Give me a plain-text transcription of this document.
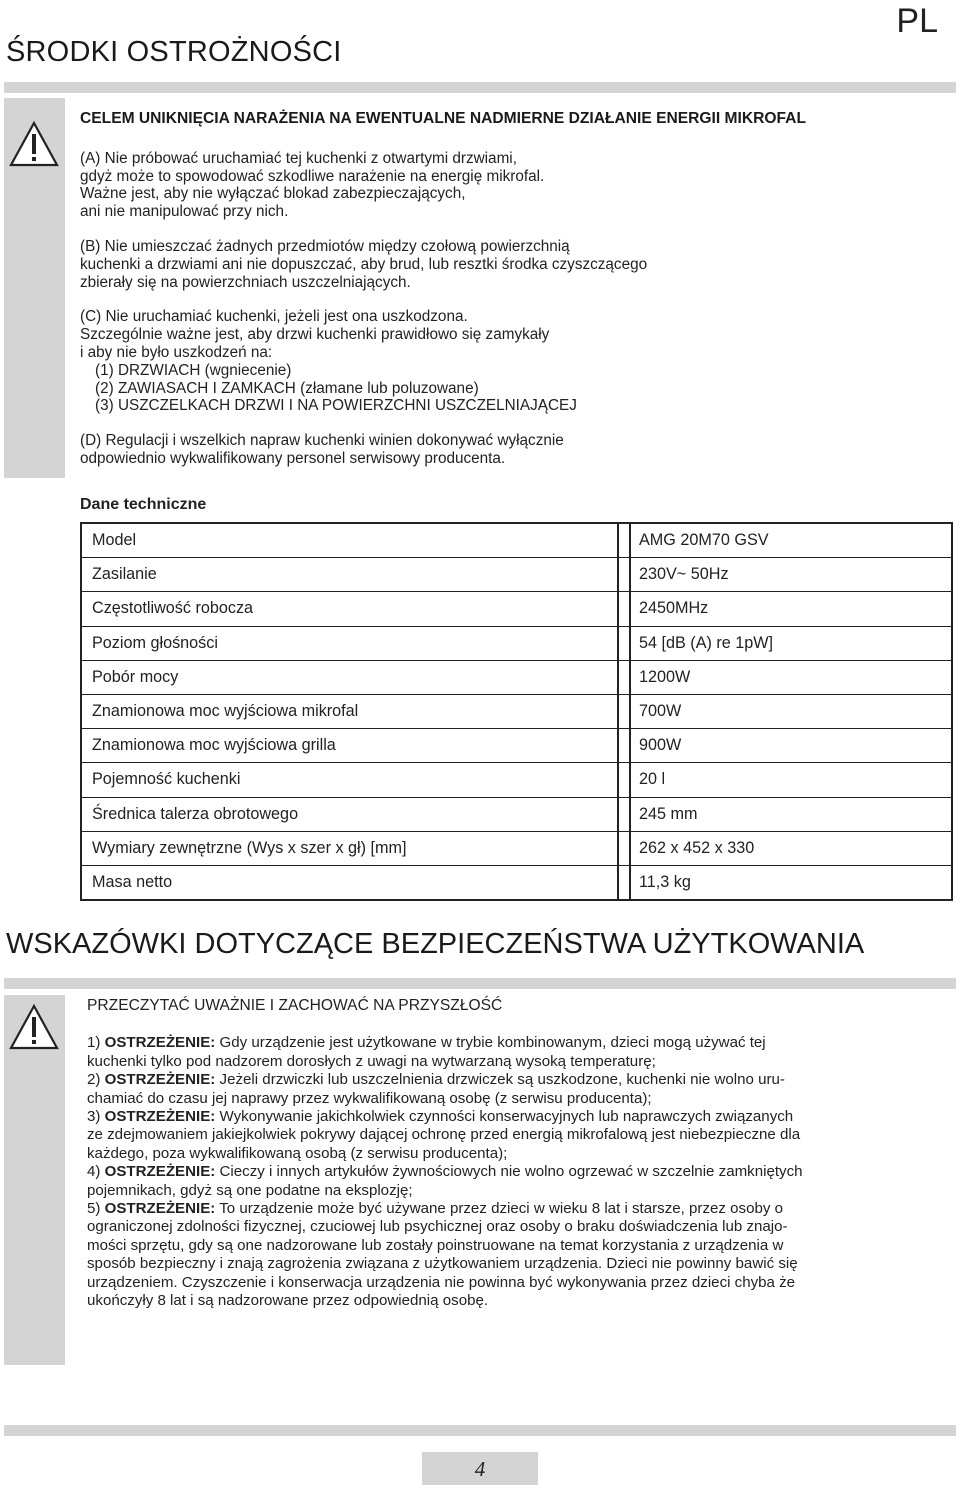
PL
ŚRODKI OSTROŻNOŚCI

CELEM UNIKNIĘCIA NARAŻENIA NA EWENTUALNE NADMIERNE DZIAŁANIE ENERGII MIKROFAL

(A) Nie próbować uruchamiać tej kuchenki z otwartymi drzwiami,

gdyż może to spowodować szkodliwe narażenie na energię mikrofal.

Ważne jest, aby nie wyłączać blokad zabezpieczających,

ani nie manipulować przy nich.

(B) Nie umieszczać żadnych przedmiotów między czołową powierzchnią

kuchenki a drzwiami ani nie dopuszczać, aby brud, lub resztki środka czyszczącego

zbierały się na powierzchniach uszczelniających.

(C) Nie uruchamiać kuchenki, jeżeli jest ona uszkodzona.

Szczególnie ważne jest, aby drzwi kuchenki prawidłowo się zamykały

i aby nie było uszkodzeń na:

(1) DRZWIACH (wgniecenie)

(2) ZAWIASACH I ZAMKACH (złamane lub poluzowane)

(3) USZCZELKACH DRZWI I NA POWIERZCHNI USZCZELNIAJĄCEJ

(D) Regulacji i wszelkich napraw kuchenki winien dokonywać wyłącznie

odpowiednio wykwalifikowany personel serwisowy producenta.

Dane techniczne
Model		AMG 20M70 GSV
Zasilanie		230V~ 50Hz
Częstotliwość robocza		2450MHz
Poziom głośności		54 [dB (A) re 1pW]
Pobór mocy		1200W
Znamionowa moc wyjściowa mikrofal		700W
Znamionowa moc wyjściowa grilla		900W
Pojemność kuchenki		20 l
Średnica talerza obrotowego		245 mm
Wymiary zewnętrzne (Wys x szer x gł) [mm]		262 x 452 x 330
Masa netto		11,3 kg
WSKAZÓWKI DOTYCZĄCE BEZPIECZEŃSTWA UŻYTKOWANIA

PRZECZYTAĆ UWAŻNIE I ZACHOWAĆ NA PRZYSZŁOŚĆ

1) OSTRZEŻENIE: Gdy urządzenie jest użytkowane w trybie kombinowanym, dzieci mogą używać tej

kuchenki tylko pod nadzorem dorosłych z uwagi na wytwarzaną wysoką temperaturę;

2) OSTRZEŻENIE: Jeżeli drzwiczki lub uszczelnienia drzwiczek są uszkodzone, kuchenki nie wolno uru-

chamiać do czasu jej naprawy przez wykwalifikowaną osobę (z serwisu producenta);

3) OSTRZEŻENIE: Wykonywanie jakichkolwiek czynności konserwacyjnych lub naprawczych związanych

ze zdejmowaniem jakiejkolwiek pokrywy dającej ochronę przed energią mikrofalową jest niebezpieczne dla

każdego, poza wykwalifikowaną osobą (z serwisu producenta);

4) OSTRZEŻENIE: Cieczy i innych artykułów żywnościowych nie wolno ogrzewać w szczelnie zamkniętych

pojemnikach, gdyż są one podatne na eksplozję;

5) OSTRZEŻENIE: To urządzenie może być używane przez dzieci w wieku 8 lat i starsze, przez osoby o

ograniczonej zdolności fizycznej, czuciowej lub psychicznej oraz osoby o braku doświadczenia lub znajo-

mości sprzętu, gdy są one nadzorowane lub zostały poinstruowane na temat korzystania z urządzenia w

sposób bezpieczny i znają zagrożenia związana z użytkowaniem urządzenia. Dzieci nie powinny bawić się

urządzeniem. Czyszczenie i konserwacja urządzenia nie powinna być wykonywania przez dzieci chyba że

ukończyły 8 lat i są nadzorowane przez odpowiednią osobę.

4
